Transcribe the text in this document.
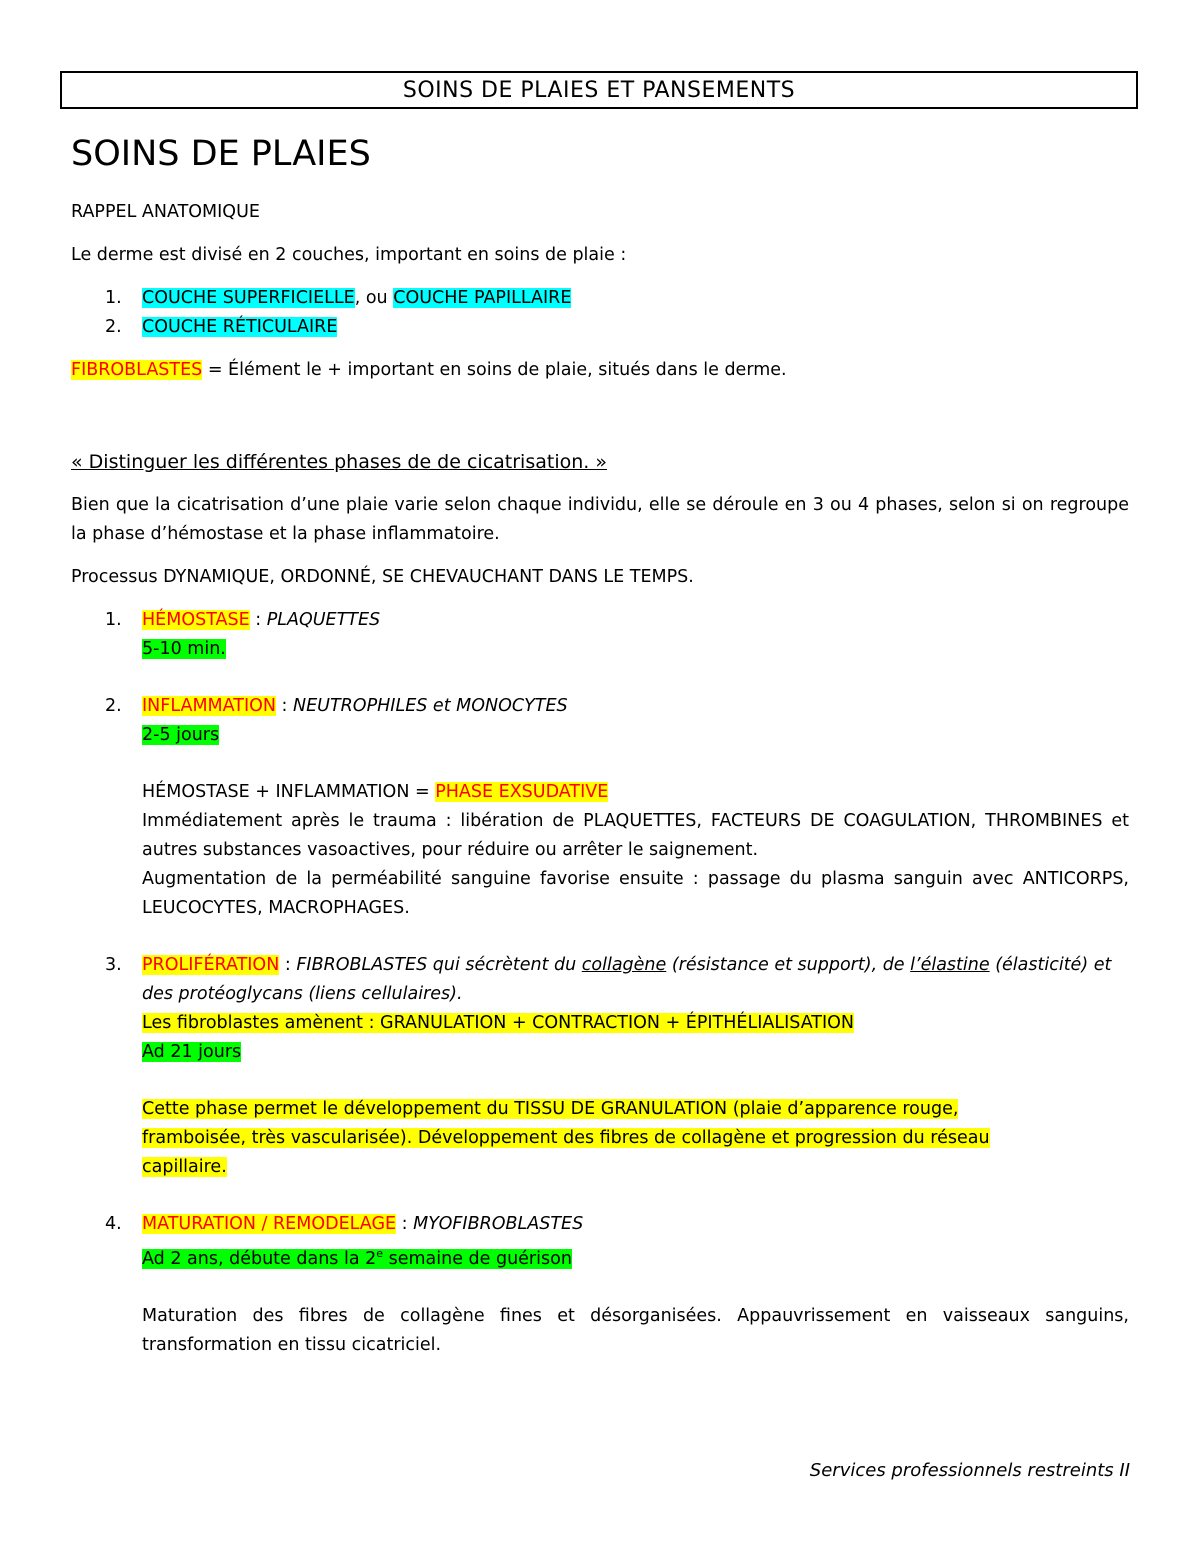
SOINS DE PLAIES ET PANSEMENTS
SOINS DE PLAIES

RAPPEL ANATOMIQUE

Le derme est divisé en 2 couches, important en soins de plaie :

1. COUCHE SUPERFICIELLE, ou COUCHE PAPILLAIRE
2. COUCHE RÉTICULAIRE

FIBROBLASTES = Élément le + important en soins de plaie, situés dans le derme.

« Distinguer les différentes phases de de cicatrisation. »

Bien que la cicatrisation d’une plaie varie selon chaque individu, elle se déroule en 3 ou 4 phases, selon si on regroupe la phase d’hémostase et la phase inflammatoire.

Processus DYNAMIQUE, ORDONNÉ, SE CHEVAUCHANT DANS LE TEMPS.

1. HÉMOSTASE : PLAQUETTES
5-10 min.
2. INFLAMMATION : NEUTROPHILES et MONOCYTES
2-5 jours
HÉMOSTASE + INFLAMMATION = PHASE EXSUDATIVE
Immédiatement après le trauma : libération de PLAQUETTES, FACTEURS DE COAGULATION, THROMBINES et autres substances vasoactives, pour réduire ou arrêter le saignement.
Augmentation de la perméabilité sanguine favorise ensuite : passage du plasma sanguin avec ANTICORPS, LEUCOCYTES, MACROPHAGES.
3. PROLIFÉRATION : FIBROBLASTES qui sécrètent du collagène (résistance et support), de l’élastine (élasticité) et des protéoglycans (liens cellulaires).
Les fibroblastes amènent : GRANULATION + CONTRACTION + ÉPITHÉLIALISATION
Ad 21 jours
Cette phase permet le développement du TISSU DE GRANULATION (plaie d’apparence rouge,
framboisée, très vascularisée). Développement des fibres de collagène et progression du réseau
capillaire.
4. MATURATION / REMODELAGE : MYOFIBROBLASTES
Ad 2 ans, débute dans la 2e semaine de guérison
Maturation des fibres de collagène fines et désorganisées. Appauvrissement en vaisseaux sanguins, transformation en tissu cicatriciel.
Services professionnels restreints II
